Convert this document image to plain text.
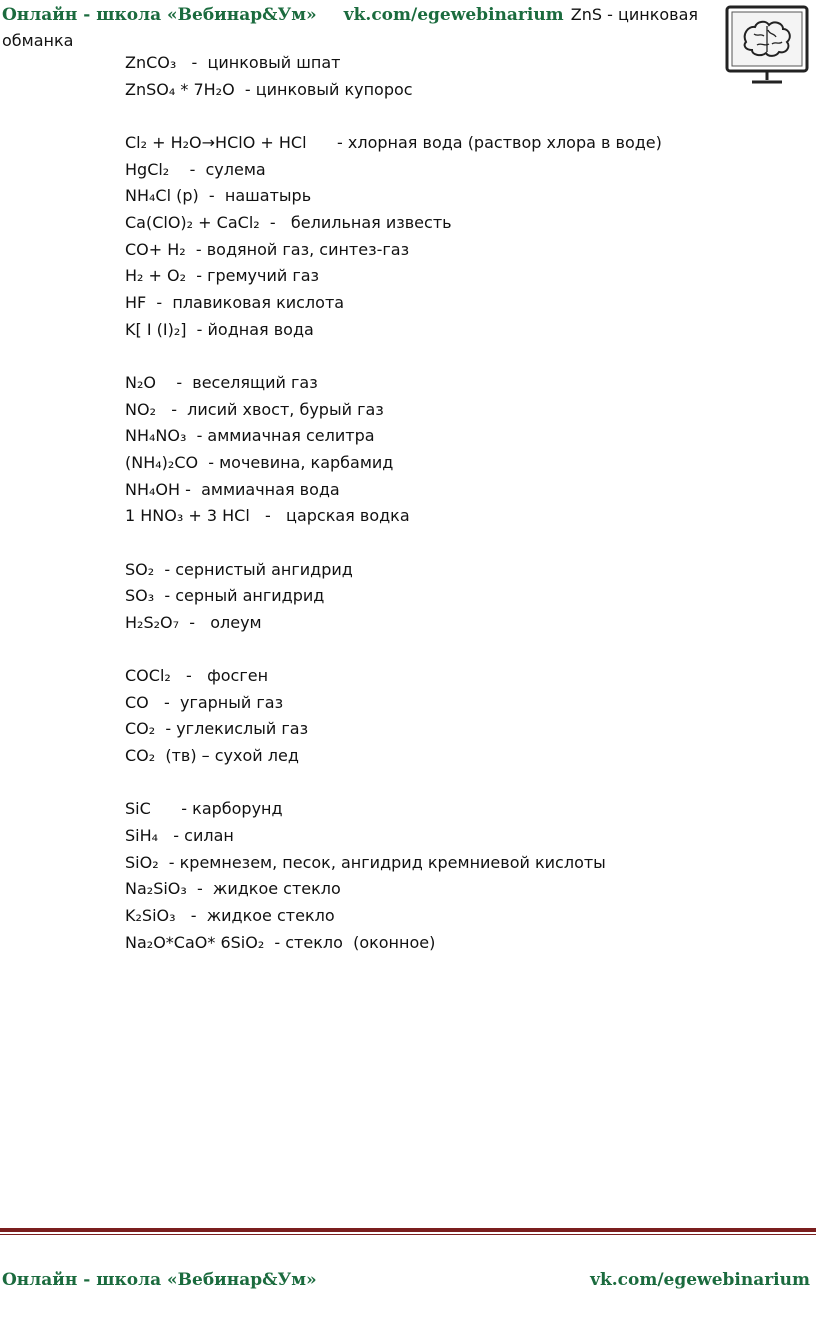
Онлайн - школа «Вебинар&Ум» vk.com/egewebinarium ZnS - цинковая обманка
ZnCO₃   -  цинковый шпат
ZnSO₄ * 7H₂O  - цинковый купорос
Cl₂ + H₂O→HClO + HCl      - хлорная вода (раствор хлора в воде)
HgCl₂    -  сулема
NH₄Cl (р)  -  нашатырь
Ca(ClO)₂ + CaCl₂  -   белильная известь
CO+ H₂  - водяной газ, синтез-газ
H₂ + O₂  - гремучий газ
HF  -  плавиковая кислота
K[ I (I)₂]  - йодная вода
N₂O    -  веселящий газ
NO₂   -  лисий хвост, бурый газ
NH₄NO₃  - аммиачная селитра
(NH₄)₂CO  - мочевина, карбамид
NH₄OH -  аммиачная вода
1 HNO₃ + 3 HCl   -   царская водка
SO₂  - сернистый ангидрид
SO₃  - серный ангидрид
H₂S₂O₇  -   олеум
COCl₂   -   фосген
CO   -  угарный газ
CO₂  - углекислый газ
CO₂  (тв) – сухой лед
SiC      - карборунд
SiH₄   - силан
SiO₂  - кремнезем, песок, ангидрид кремниевой кислоты
Na₂SiO₃  -  жидкое стекло
K₂SiO₃   -  жидкое стекло
Na₂O*CaO* 6SiO₂  - стекло  (оконное)
Онлайн - школа «Вебинар&Ум»	vk.com/egewebinarium
